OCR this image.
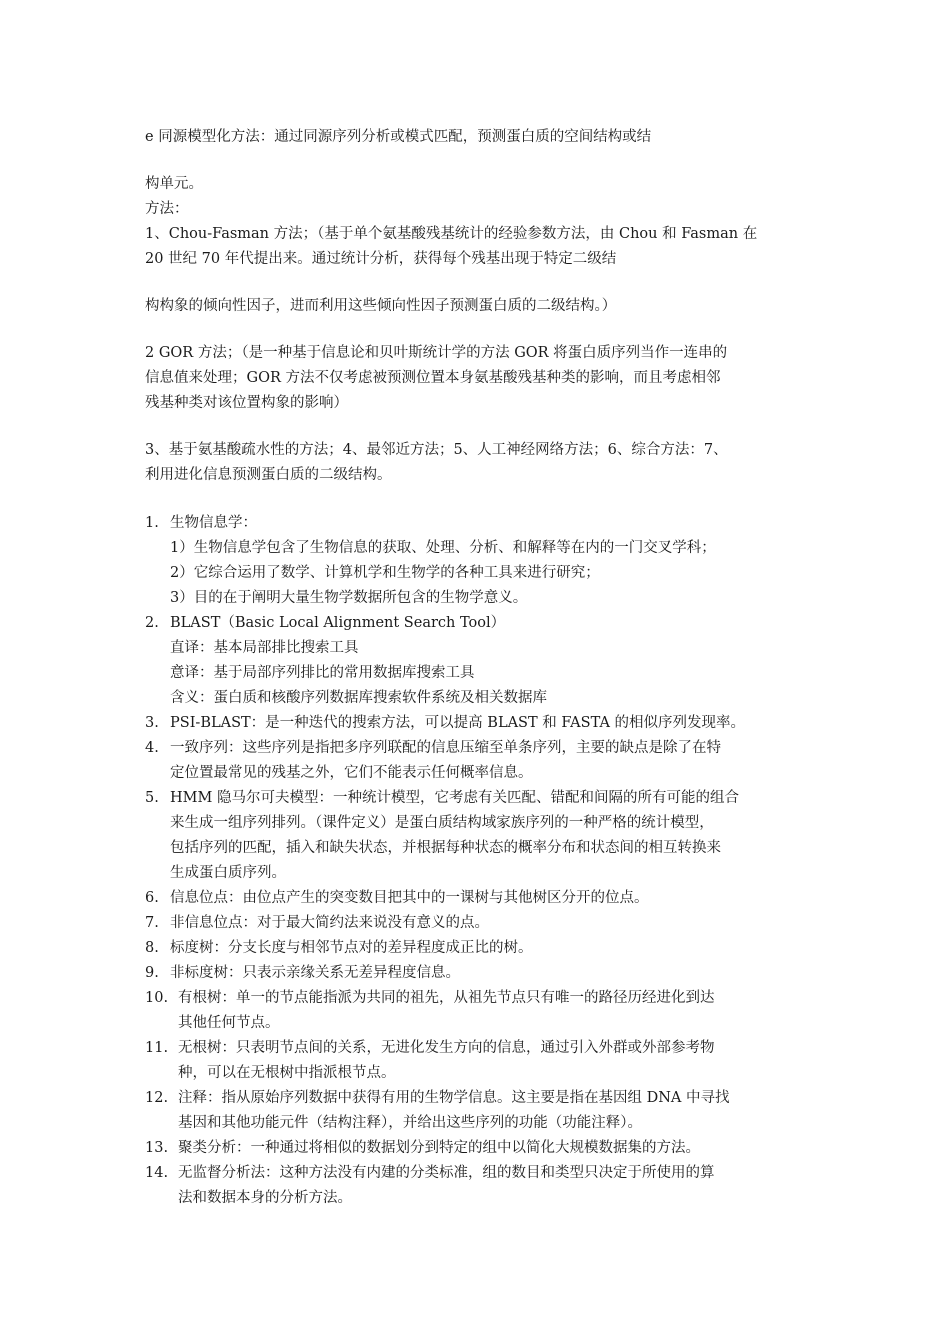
e 同源模型化方法：通过同源序列分析或模式匹配，预测蛋白质的空间结构或结
构单元。
方法：
1、Chou-Fasman 方法；（基于单个氨基酸残基统计的经验参数方法，由 Chou 和 Fasman 在
20 世纪 70 年代提出来。通过统计分析，获得每个残基出现于特定二级结
构构象的倾向性因子，进而利用这些倾向性因子预测蛋白质的二级结构。）
2 GOR 方法；（是一种基于信息论和贝叶斯统计学的方法 GOR 将蛋白质序列当作一连串的
信息值来处理；GOR 方法不仅考虑被预测位置本身氨基酸残基种类的影响，而且考虑相邻
残基种类对该位置构象的影响）
3、基于氨基酸疏水性的方法；4、最邻近方法；5、人工神经网络方法；6、综合方法：7、
利用进化信息预测蛋白质的二级结构。
1. 生物信息学：
1）生物信息学包含了生物信息的获取、处理、分析、和解释等在内的一门交叉学科；
2）它综合运用了数学、计算机学和生物学的各种工具来进行研究；
3）目的在于阐明大量生物学数据所包含的生物学意义。
2. BLAST（Basic Local Alignment Search Tool）
直译：基本局部排比搜索工具
意译：基于局部序列排比的常用数据库搜索工具
含义：蛋白质和核酸序列数据库搜索软件系统及相关数据库
3. PSI-BLAST：是一种迭代的搜索方法，可以提高 BLAST 和 FASTA 的相似序列发现率。
4. 一致序列：这些序列是指把多序列联配的信息压缩至单条序列，主要的缺点是除了在特
定位置最常见的残基之外，它们不能表示任何概率信息。
5. HMM 隐马尔可夫模型：一种统计模型，它考虑有关匹配、错配和间隔的所有可能的组合
来生成一组序列排列。（课件定义）是蛋白质结构域家族序列的一种严格的统计模型，
包括序列的匹配，插入和缺失状态，并根据每种状态的概率分布和状态间的相互转换来
生成蛋白质序列。
6. 信息位点：由位点产生的突变数目把其中的一课树与其他树区分开的位点。
7. 非信息位点：对于最大简约法来说没有意义的点。
8. 标度树：分支长度与相邻节点对的差异程度成正比的树。
9. 非标度树：只表示亲缘关系无差异程度信息。
10. 有根树：单一的节点能指派为共同的祖先，从祖先节点只有唯一的路径历经进化到达
其他任何节点。
11. 无根树：只表明节点间的关系，无进化发生方向的信息，通过引入外群或外部参考物
种，可以在无根树中指派根节点。
12. 注释：指从原始序列数据中获得有用的生物学信息。这主要是指在基因组 DNA 中寻找
基因和其他功能元件（结构注释），并给出这些序列的功能（功能注释）。
13. 聚类分析：一种通过将相似的数据划分到特定的组中以简化大规模数据集的方法。
14. 无监督分析法：这种方法没有内建的分类标准，组的数目和类型只决定于所使用的算
法和数据本身的分析方法。
